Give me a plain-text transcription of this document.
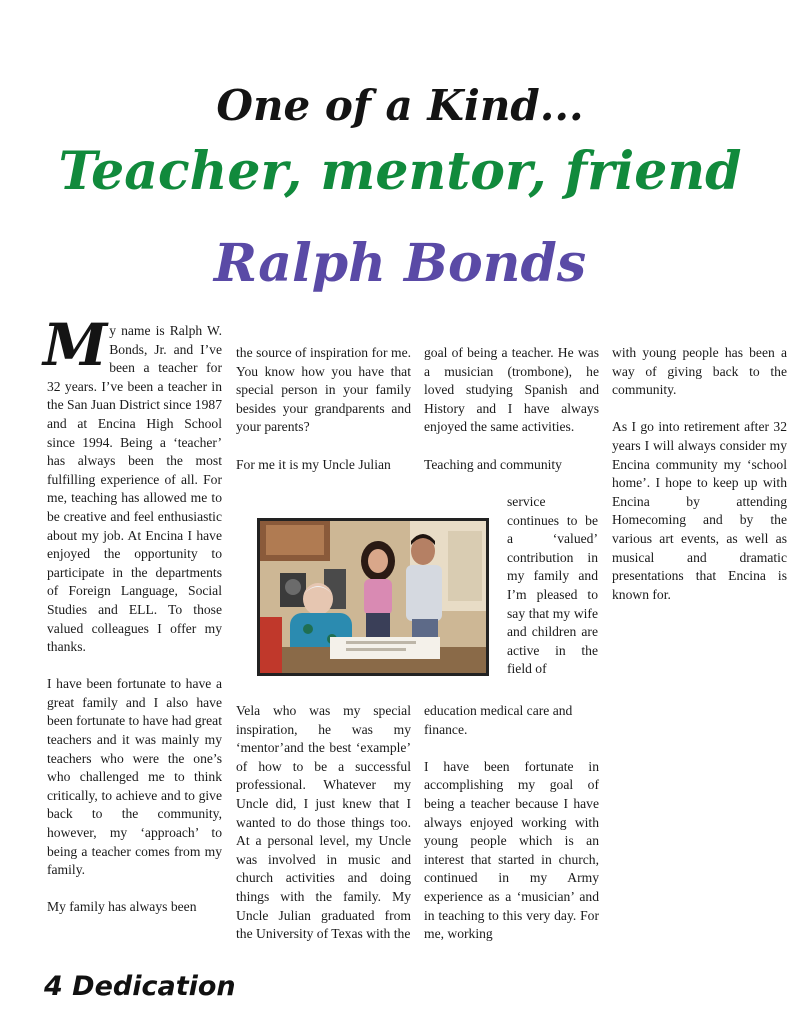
One of a Kind...
Teacher, mentor, friend
Ralph Bonds

My name is Ralph W. Bonds, Jr. and I’ve been a teacher for 32 years. I’ve been a teacher in the San Juan District since 1987 and at Encina High School since 1994. Being a ‘teacher’ has always been the most fulfilling experience of all. For me, teaching has allowed me to be creative and feel enthusiastic about my job. At Encina I have enjoyed the opportunity to participate in the departments of Foreign Language, Social Studies and ELL. To those valued colleagues I offer my thanks.

I have been fortunate to have a great family and I also have been fortunate to have had great teachers and it was mainly my teachers who were the one’s who challenged me to think critically, to achieve and to give back to the community, however, my ‘approach’ to being a teacher comes from my family.

My family has always been

the source of inspiration for me. You know how you have that special person in your family besides your grandparents and your parents?

For me it is my Uncle Julian

Vela who was my special inspiration, he was my ‘mentor’and the best ‘example’ of how to be a successful professional. Whatever my Uncle did, I just knew that I wanted to do those things too. At a personal level, my Uncle was involved in music and church activities and doing things with the family. My Uncle Julian graduated from the University of Texas with the

goal of being a teacher. He was a musician (trombone), he loved studying Spanish and History and I have always enjoyed the same activities.

Teaching and community

service continues to be a ‘valued’ contribution in my family and I’m pleased to say that my wife and children are active in the field of

education medical care and finance.

I have been fortunate in accomplishing my goal of being a teacher because I have always enjoyed working with young people which is an interest that started in church, continued in my Army experience as a ‘musician’ and in teaching to this very day. For me, working

with young people has been a way of giving back to the community.

As I go into retirement after 32 years I will always consider my Encina community my ‘school home’. I hope to keep up with Encina by attending Homecoming and by the various art events, as well as musical and dramatic presentations that Encina is known for.

4 Dedication
